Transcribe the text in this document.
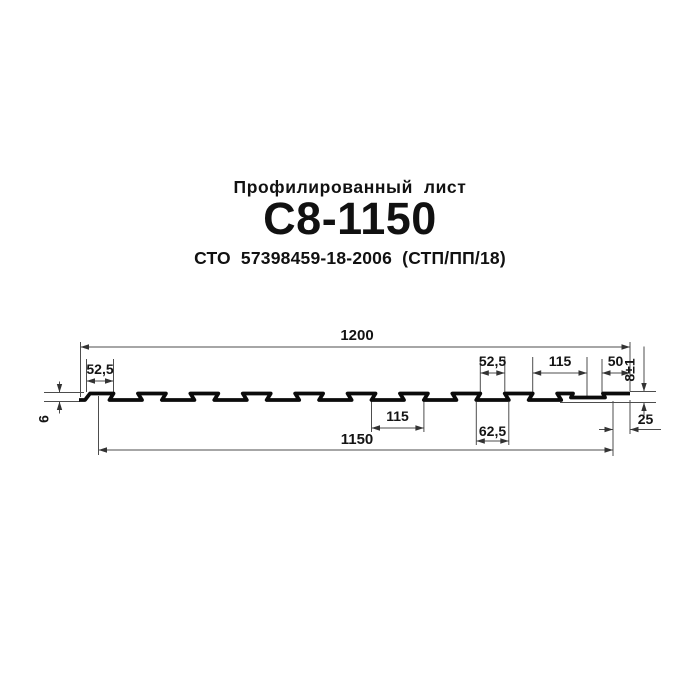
Профилированный  лист
С8-1150
СТО  57398459-18-2006  (СТП/ПП/18)
1200
52,5	52,5	115	50
115
62,5
1150
25
6
8±1
